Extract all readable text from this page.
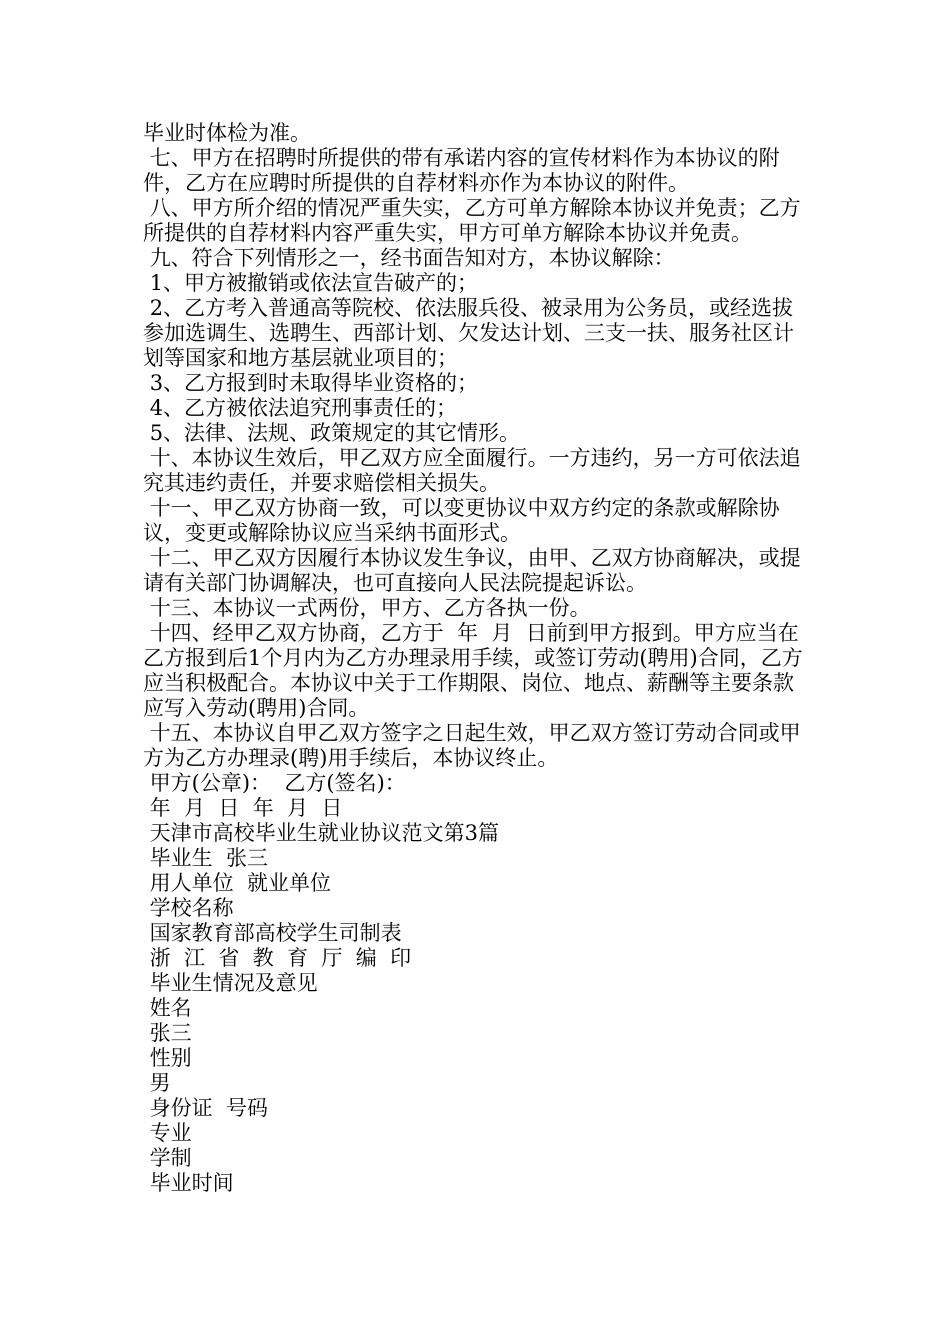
毕业时体检为准。
七、甲方在招聘时所提供的带有承诺内容的宣传材料作为本协议的附件，乙方在应聘时所提供的自荐材料亦作为本协议的附件。
八、甲方所介绍的情况严重失实，乙方可单方解除本协议并免责；乙方所提供的自荐材料内容严重失实，甲方可单方解除本协议并免责。
九、符合下列情形之一，经书面告知对方，本协议解除：
1、甲方被撤销或依法宣告破产的；
2、乙方考入普通高等院校、依法服兵役、被录用为公务员，或经选拔参加选调生、选聘生、西部计划、欠发达计划、三支一扶、服务社区计划等国家和地方基层就业项目的；
3、乙方报到时未取得毕业资格的；
4、乙方被依法追究刑事责任的；
5、法律、法规、政策规定的其它情形。
十、本协议生效后，甲乙双方应全面履行。一方违约，另一方可依法追究其违约责任，并要求赔偿相关损失。
十一、甲乙双方协商一致，可以变更协议中双方约定的条款或解除协议，变更或解除协议应当采纳书面形式。
十二、甲乙双方因履行本协议发生争议，由甲、乙双方协商解决，或提请有关部门协调解决，也可直接向人民法院提起诉讼。
十三、本协议一式两份，甲方、乙方各执一份。
十四、经甲乙双方协商，乙方于  年  月  日前到甲方报到。甲方应当在乙方报到后1个月内为乙方办理录用手续，或签订劳动(聘用)合同，乙方应当积极配合。本协议中关于工作期限、岗位、地点、薪酬等主要条款应写入劳动(聘用)合同。
十五、本协议自甲乙双方签字之日起生效，甲乙双方签订劳动合同或甲方为乙方办理录(聘)用手续后，本协议终止。
甲方(公章)：  乙方(签名)：
年  月  日  年  月  日
天津市高校毕业生就业协议范文第3篇
毕业生  张三
用人单位  就业单位
学校名称
国家教育部高校学生司制表
浙  江  省  教  育  厅  编  印
毕业生情况及意见
姓名
张三
性别
男
身份证  号码
专业
学制
毕业时间
